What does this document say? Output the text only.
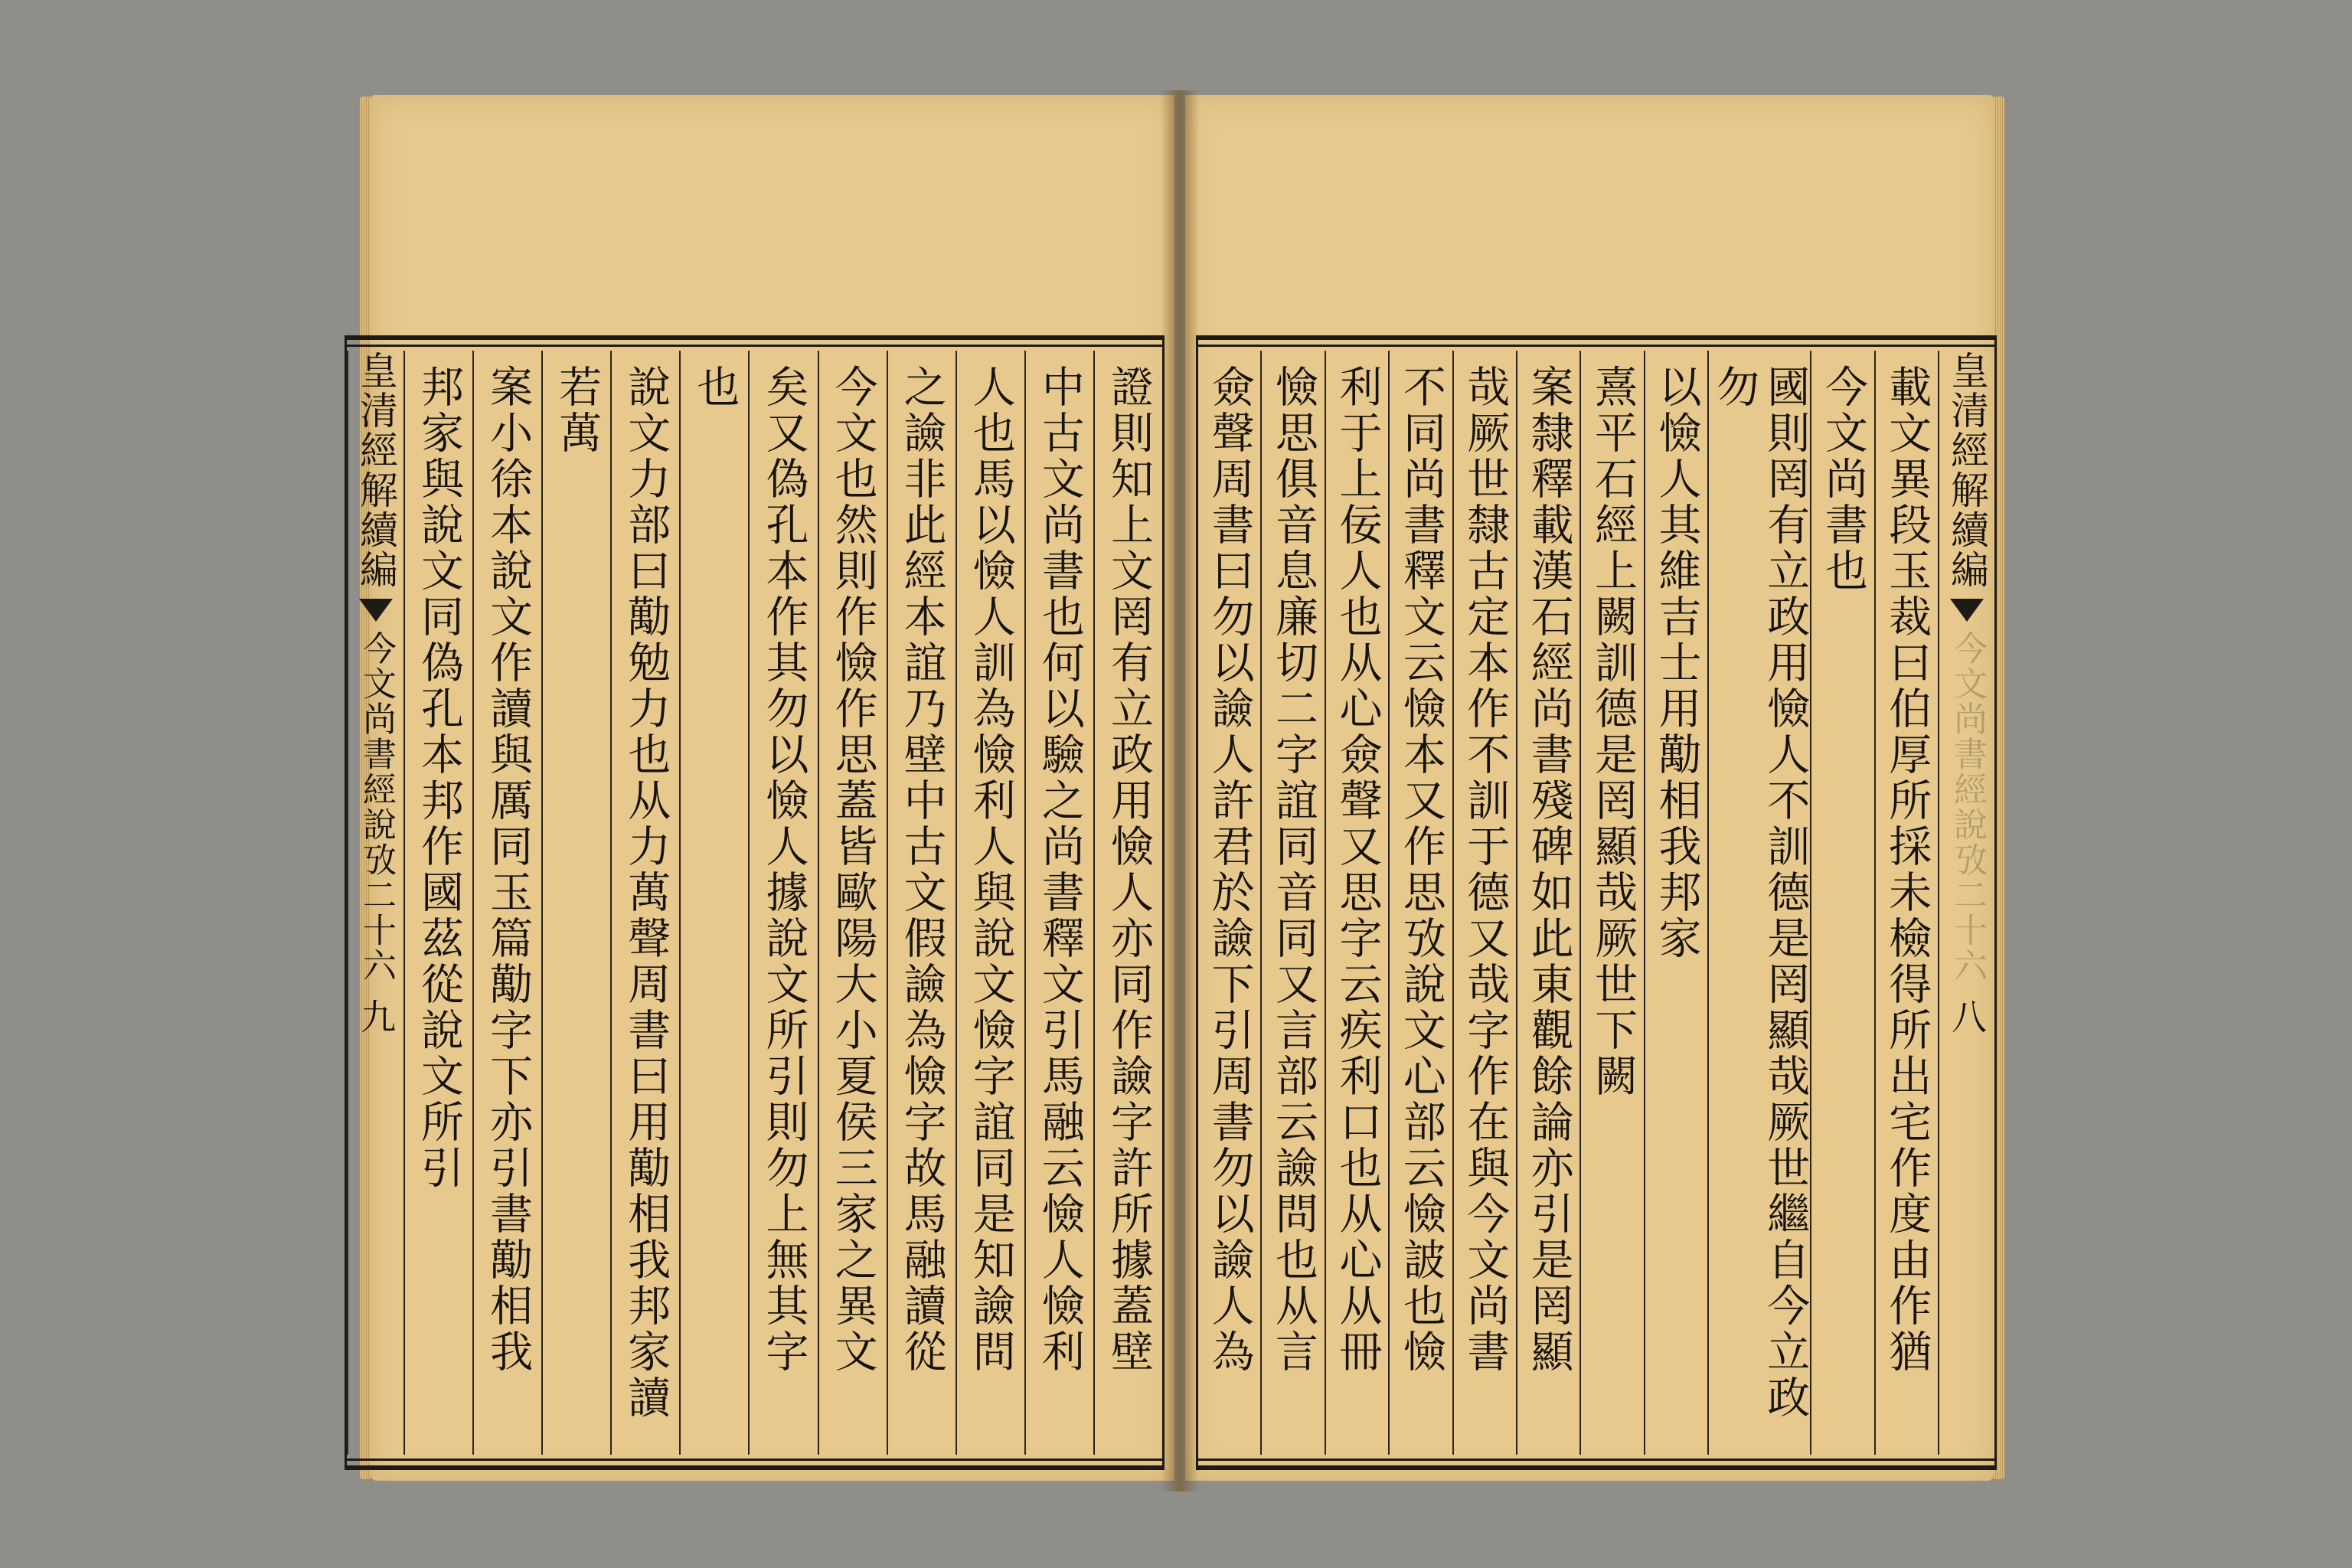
證則知上文罔有立政用憸人亦同作譣字許所據蓋壁
中古文尚書也何以驗之尚書釋文引馬融云憸人憸利
人也馬以憸人訓為憸利人與說文憸字誼同是知譣問
之譣非此經本誼乃壁中古文假譣為憸字故馬融讀從
今文也然則作憸作思蓋皆歐陽大小夏侯三家之異文
矣又偽孔本作其勿以憸人據說文所引則勿上無其字
也
說文力部曰勱勉力也从力萬聲周書曰用勱相我邦家讀
若萬
案小徐本說文作讀與厲同玉篇勱字下亦引書勱相我
邦家與說文同偽孔本邦作國茲從說文所引
皇清經解續編
今文尚書經說攷二十六
九
皇清經解續編
今文尚書經說攷二十六
八
載文異段玉裁曰伯厚所採未檢得所出宅作度由作猶
今文尚書也
國則罔有立政用憸人不訓德是罔顯哉厥世繼自今立政勿
以憸人其維吉士用勱相我邦家
熹平石經上闕訓德是罔顯哉厥世下闕
案隸釋載漢石經尚書殘碑如此東觀餘論亦引是罔顯
哉厥世隸古定本作不訓于德又哉字作在與今文尚書
不同尚書釋文云憸本又作思攷說文心部云憸詖也憸
利于上佞人也从心僉聲又思字云疾利口也从心从冊
憸思俱音息廉切二字誼同音同又言部云譣問也从言
僉聲周書曰勿以譣人許君於譣下引周書勿以譣人為
